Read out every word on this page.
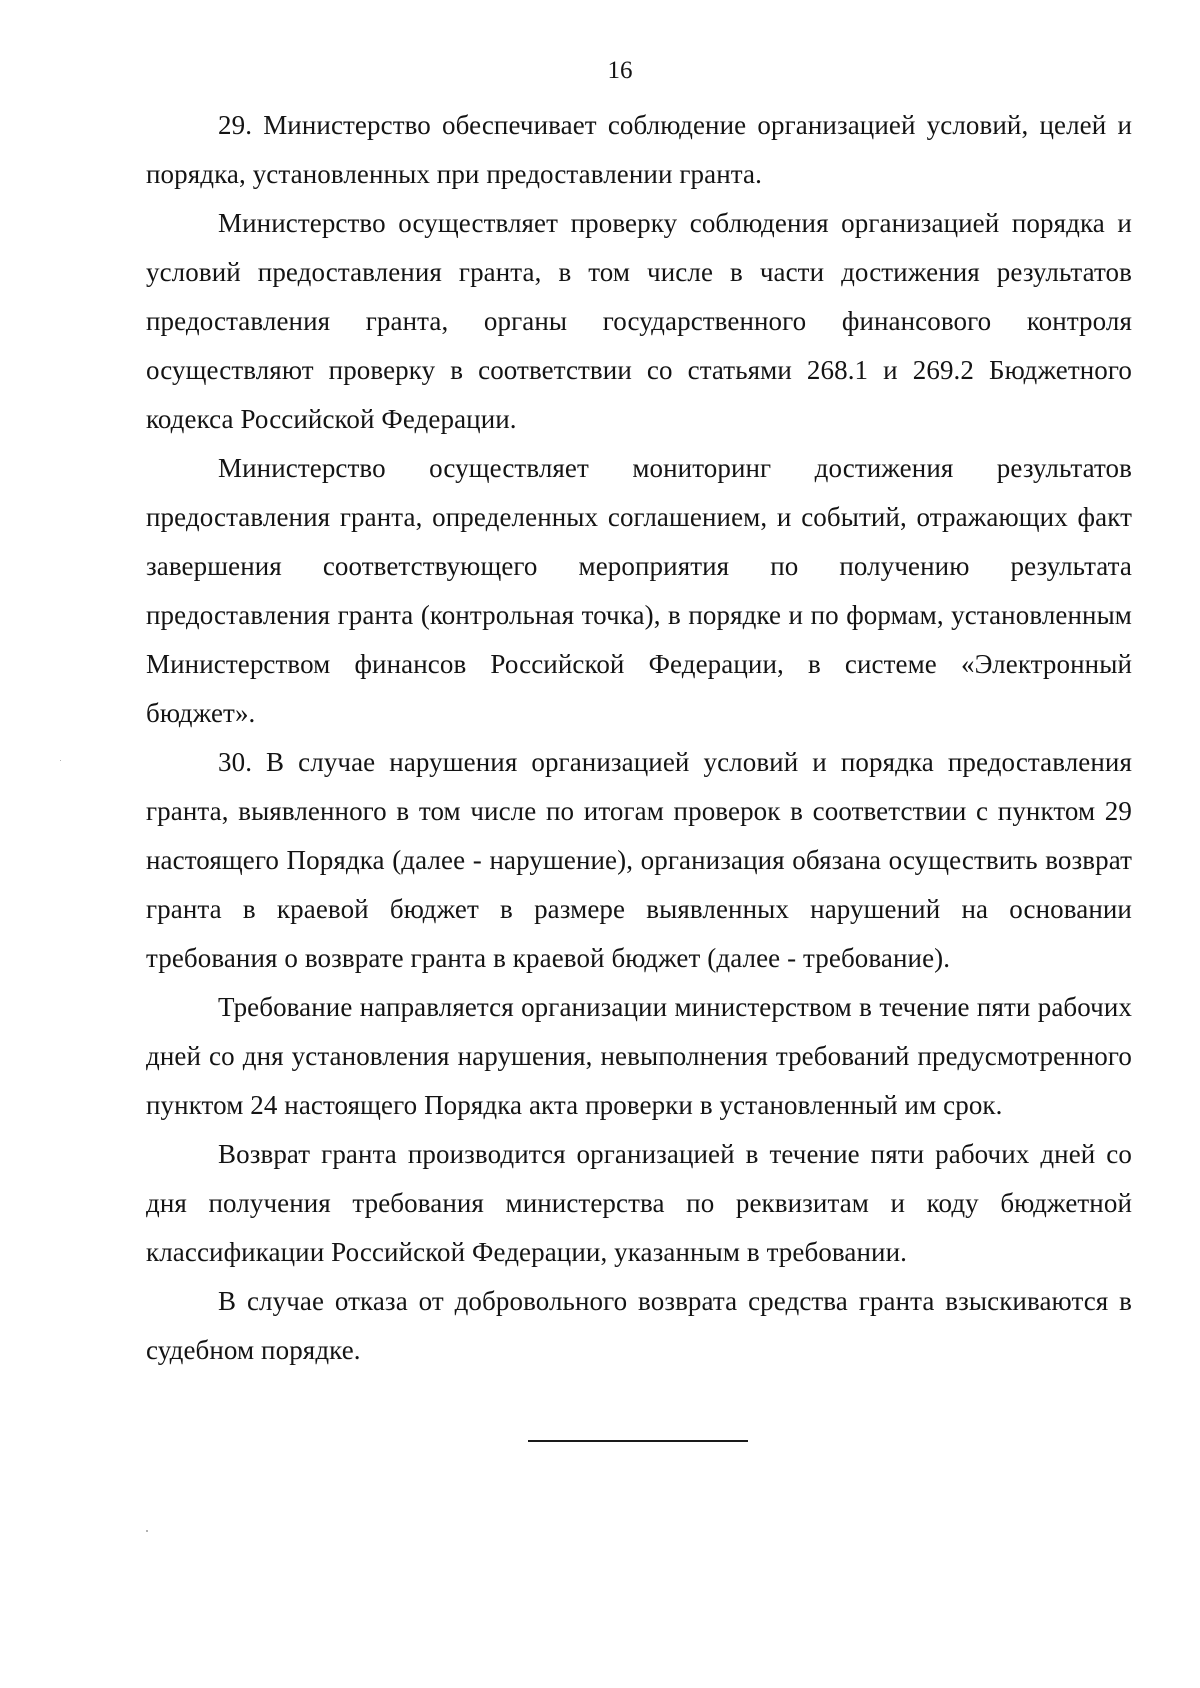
16

29. Министерство обеспечивает соблюдение организацией условий, целей и порядка, установленных при предоставлении гранта.

Министерство осуществляет проверку соблюдения организацией порядка и условий предоставления гранта, в том числе в части достижения результатов предоставления гранта, органы государственного финансового контроля осуществляют проверку в соответствии со статьями 268.1 и 269.2 Бюджетного кодекса Российской Федерации.

Министерство осуществляет мониторинг достижения результатов предоставления гранта, определенных соглашением, и событий, отражающих факт завершения соответствующего мероприятия по получению результата предоставления гранта (контрольная точка), в порядке и по формам, установленным Министерством финансов Российской Федерации, в системе «Электронный бюджет».

30. В случае нарушения организацией условий и порядка предоставления гранта, выявленного в том числе по итогам проверок в соответствии с пунктом 29 настоящего Порядка (далее - нарушение), организация обязана осуществить возврат гранта в краевой бюджет в размере выявленных нарушений на основании требования о возврате гранта в краевой бюджет (далее - требование).

Требование направляется организации министерством в течение пяти рабочих дней со дня установления нарушения, невыполнения требований предусмотренного пунктом 24 настоящего Порядка акта проверки в установленный им срок.

Возврат гранта производится организацией в течение пяти рабочих дней со дня получения требования министерства по реквизитам и коду бюджетной классификации Российской Федерации, указанным в требовании.

В случае отказа от добровольного возврата средства гранта взыскиваются в судебном порядке.
